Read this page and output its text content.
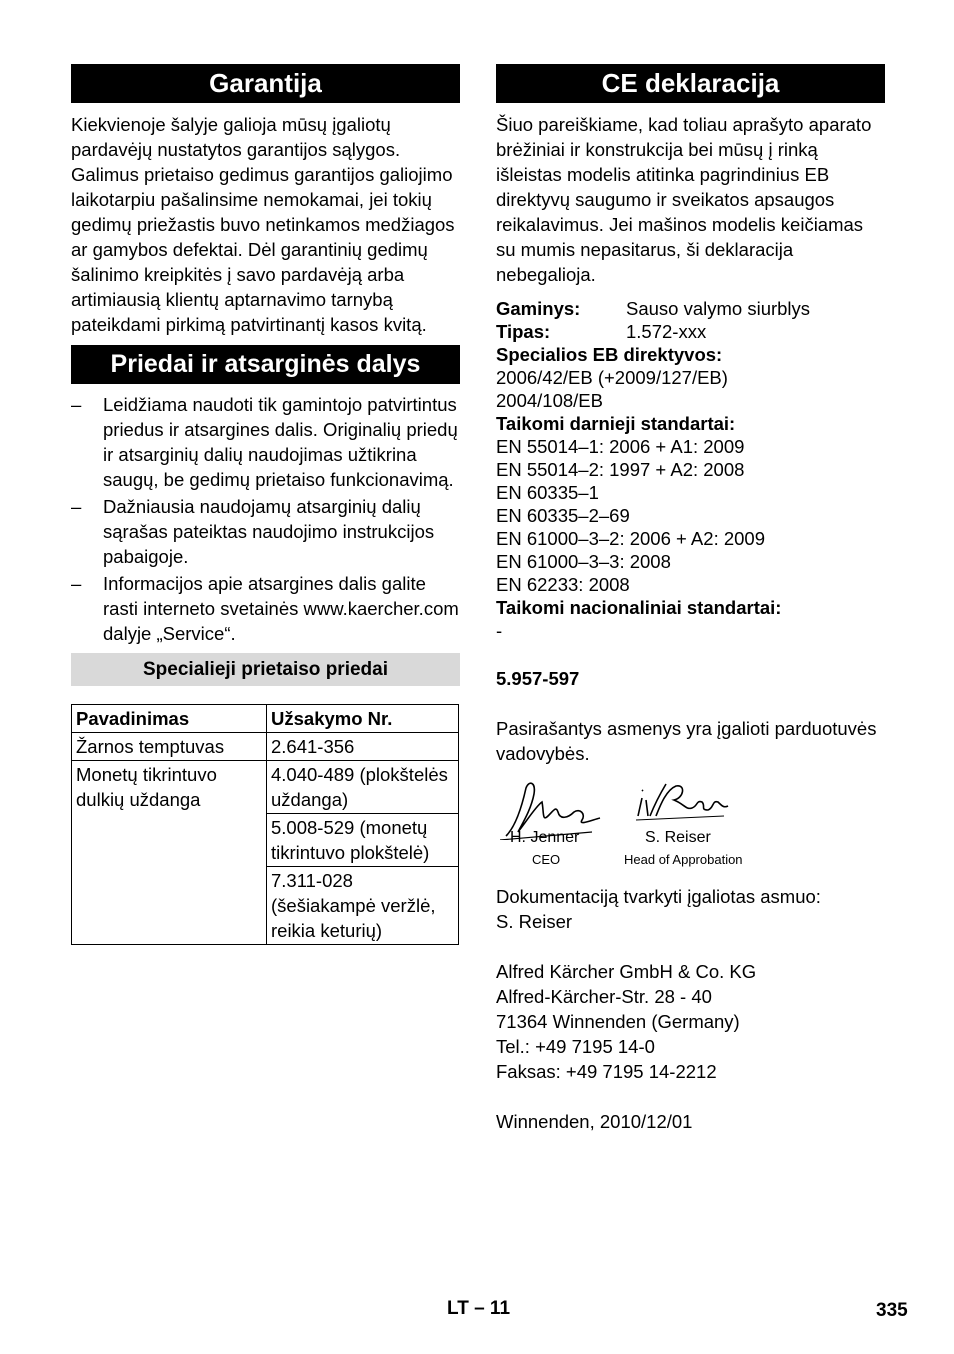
Garantija

Kiekvienoje šalyje galioja mūsų įgaliotų pardavėjų nustatytos garantijos sąlygos. Galimus prietaiso gedimus garantijos galiojimo laikotarpiu pašalinsime nemokamai, jei tokių gedimų priežastis buvo netinkamos medžiagos ar gamybos defektai. Dėl garantinių gedimų šalinimo kreipkitės į savo pardavėją arba artimiausią klientų aptarnavimo tarnybą pateikdami pirkimą patvirtinantį kasos kvitą.

Priedai ir atsarginės dalys
– Leidžiama naudoti tik gamintojo patvirtintus priedus ir atsargines dalis. Originalių priedų ir atsarginių dalių naudojimas užtikrina saugų, be gedimų prietaiso funkcionavimą.
– Dažniausia naudojamų atsarginių dalių sąrašas pateiktas naudojimo instrukcijos pabaigoje.
– Informacijos apie atsargines dalis galite rasti interneto svetainės www.kaercher.com dalyje „Service“.
Specialieji prietaiso priedai
Pavadinimas	Užsakymo Nr.
Žarnos temptuvas	2.641-356
Monetų tikrintuvo dulkių uždanga	4.040-489 (plokštelės uždanga)
	5.008-529 (monetų tikrintuvo plokštelė)
	7.311-028 (šešiakampė veržlė, reikia keturių)
CE deklaracija

Šiuo pareiškiame, kad toliau aprašyto aparato brėžiniai ir konstrukcija bei mūsų į rinką išleistas modelis atitinka pagrindinius EB direktyvų saugumo ir sveikatos apsaugos reikalavimus. Jei mašinos modelis keičiamas su mumis nepasitarus, ši deklaracija nebegalioja.

Gaminys:	Sauso valymo siurblys
Tipas:	1.572-xxx
Specialios EB direktyvos:
2006/42/EB (+2009/127/EB)
2004/108/EB
Taikomi darnieji standartai:
EN 55014–1: 2006 + A1: 2009
EN 55014–2: 1997 + A2: 2008
EN 60335–1
EN 60335–2–69
EN 61000–3–2: 2006 + A2: 2009
EN 61000–3–3: 2008
EN 62233: 2008
Taikomi nacionaliniai standartai:
-
5.957-597

Pasirašantys asmenys yra įgalioti parduotuvės vadovybės.

H. Jenner
CEO
S. Reiser
Head of Approbation
Dokumentaciją tvarkyti įgaliotas asmuo:
S. Reiser
Alfred Kärcher GmbH & Co. KG
Alfred-Kärcher-Str. 28 - 40
71364 Winnenden (Germany)
Tel.: +49 7195 14-0
Faksas: +49 7195 14-2212
Winnenden, 2010/12/01
LT – 11	335
